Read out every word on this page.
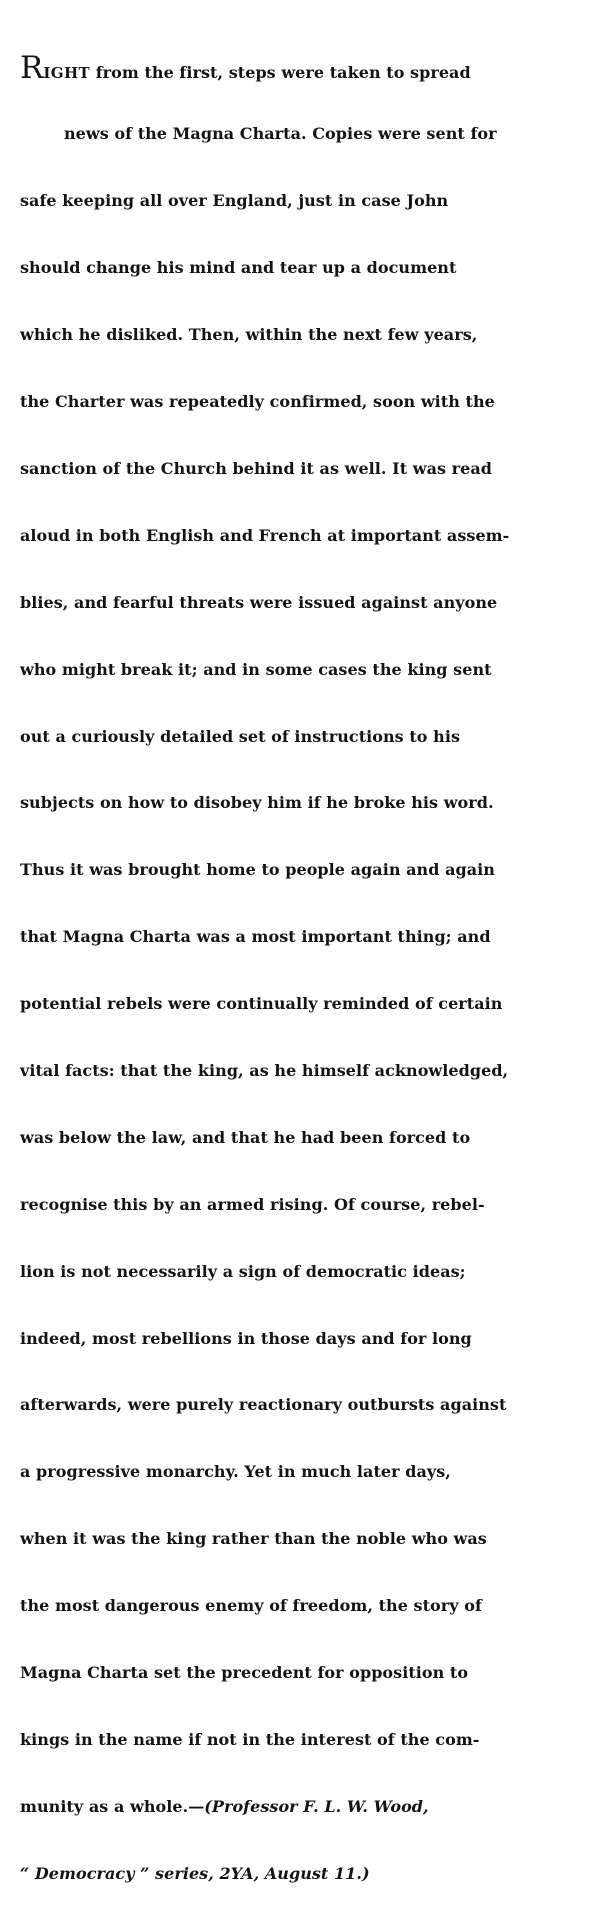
RIGHT from the first, steps were taken to spread

news of the Magna Charta. Copies were sent for

safe keeping all over England, just in case John

should change his mind and tear up a document

which he disliked. Then, within the next few years,

the Charter was repeatedly confirmed, soon with the

sanction of the Church behind it as well. It was read

aloud in both English and French at important assem-

blies, and fearful threats were issued against anyone

who might break it; and in some cases the king sent

out a curiously detailed set of instructions to his

subjects on how to disobey him if he broke his word.

Thus it was brought home to people again and again

that Magna Charta was a most important thing; and

potential rebels were continually reminded of certain

vital facts: that the king, as he himself acknowledged,

was below the law, and that he had been forced to

recognise this by an armed rising. Of course, rebel-

lion is not necessarily a sign of democratic ideas;

indeed, most rebellions in those days and for long

afterwards, were purely reactionary outbursts against

a progressive monarchy. Yet in much later days,

when it was the king rather than the noble who was

the most dangerous enemy of freedom, the story of

Magna Charta set the precedent for opposition to

kings in the name if not in the interest of the com-

munity as a whole.—(Professor F. L. W. Wood,

“ Democracy ” series, 2YA, August 11.)
